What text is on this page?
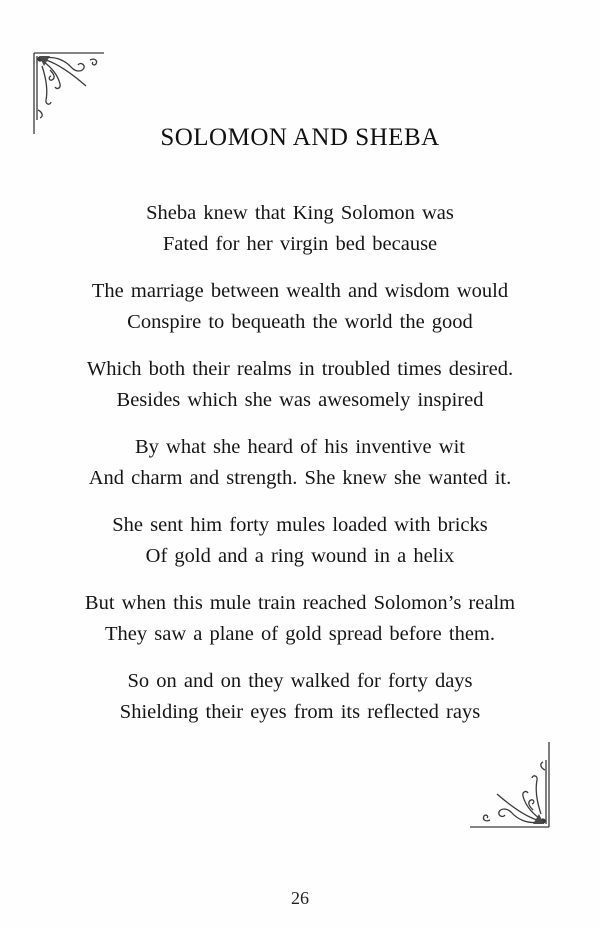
SOLOMON AND SHEBA
Sheba knew that King Solomon was
Fated for her virgin bed because
The marriage between wealth and wisdom would
Conspire to bequeath the world the good
Which both their realms in troubled times desired.
Besides which she was awesomely inspired
By what she heard of his inventive wit
And charm and strength. She knew she wanted it.
She sent him forty mules loaded with bricks
Of gold and a ring wound in a helix
But when this mule train reached Solomon’s realm
They saw a plane of gold spread before them.
So on and on they walked for forty days
Shielding their eyes from its reflected rays
26
